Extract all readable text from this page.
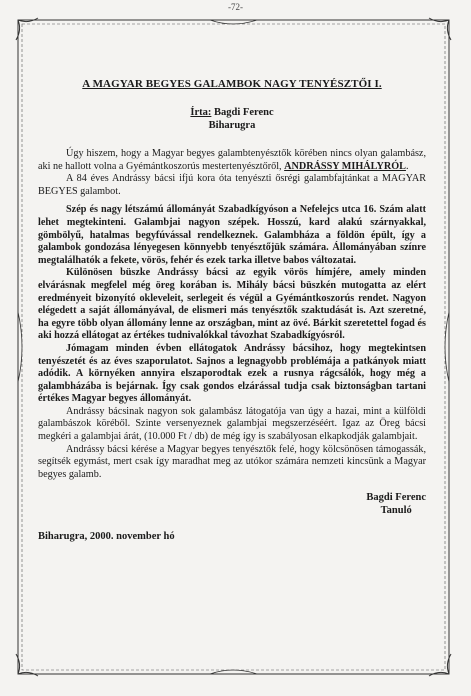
-72-
A MAGYAR BEGYES GALAMBOK NAGY TENYÉSZTŐI I.
Írta: Bagdi Ferenc
Biharugra

Úgy hiszem, hogy a Magyar begyes galambtenyésztők körében nincs olyan galambász, aki ne hallott volna a Gyémántkoszorús mestertenyésztőről, ANDRÁSSY MIHÁLYRÓL.

A 84 éves Andrássy bácsi ifjú kora óta tenyészti ősrégi galambfajtánkat a MAGYAR BEGYES galambot.

Szép és nagy létszámú állományát Szabadkígyóson a Nefelejcs utca 16. Szám alatt lehet megtekinteni. Galambjai nagyon szépek. Hosszú, kard alakú szárnyakkal, gömbölyű, hatalmas begyfúvással rendelkeznek. Galambháza a földön épült, így a galambok gondozása lényegesen könnyebb tenyésztőjük számára. Állományában színre megtalálhatók a fekete, vörös, fehér és ezek tarka illetve babos változatai.

Különösen büszke Andrássy bácsi az egyik vörös hímjére, amely minden elvárásnak megfelel még öreg korában is. Mihály bácsi büszkén mutogatta az elért eredményeit bizonyító okleveleit, serlegeit és végül a Gyémántkoszorús rendet. Nagyon elégedett a saját állományával, de elismeri más tenyésztők szaktudását is. Azt szeretné, ha egyre több olyan állomány lenne az országban, mint az övé. Bárkit szeretettel fogad és aki hozzá ellátogat az értékes tudnivalókkal távozhat Szabadkígyósról.

Jómagam minden évben ellátogatok Andrássy bácsihoz, hogy megtekintsen tenyészetét és az éves szaporulatot. Sajnos a legnagyobb problémája a patkányok miatt adódik. A környéken annyira elszaporodtak ezek a rusnya rágcsálók, hogy még a galambházába is bejárnak. Így csak gondos elzárással tudja csak biztonságban tartani értékes Magyar begyes állományát.

Andrássy bácsinak nagyon sok galambász látogatója van úgy a hazai, mint a külföldi galambászok köréből. Szinte versenyeznek galambjai megszerzéséért. Igaz az Öreg bácsi megkéri a galambjai árát, (10.000 Ft / db) de még így is szabályosan elkapkodják galambjait.

Andrássy bácsi kérése a Magyar begyes tenyésztők felé, hogy kölcsönösen támogassák, segítsék egymást, mert csak így maradhat meg az utókor számára nemzeti kincsünk a Magyar begyes galamb.

Bagdi Ferenc
Tanuló
Biharugra, 2000. november hó
